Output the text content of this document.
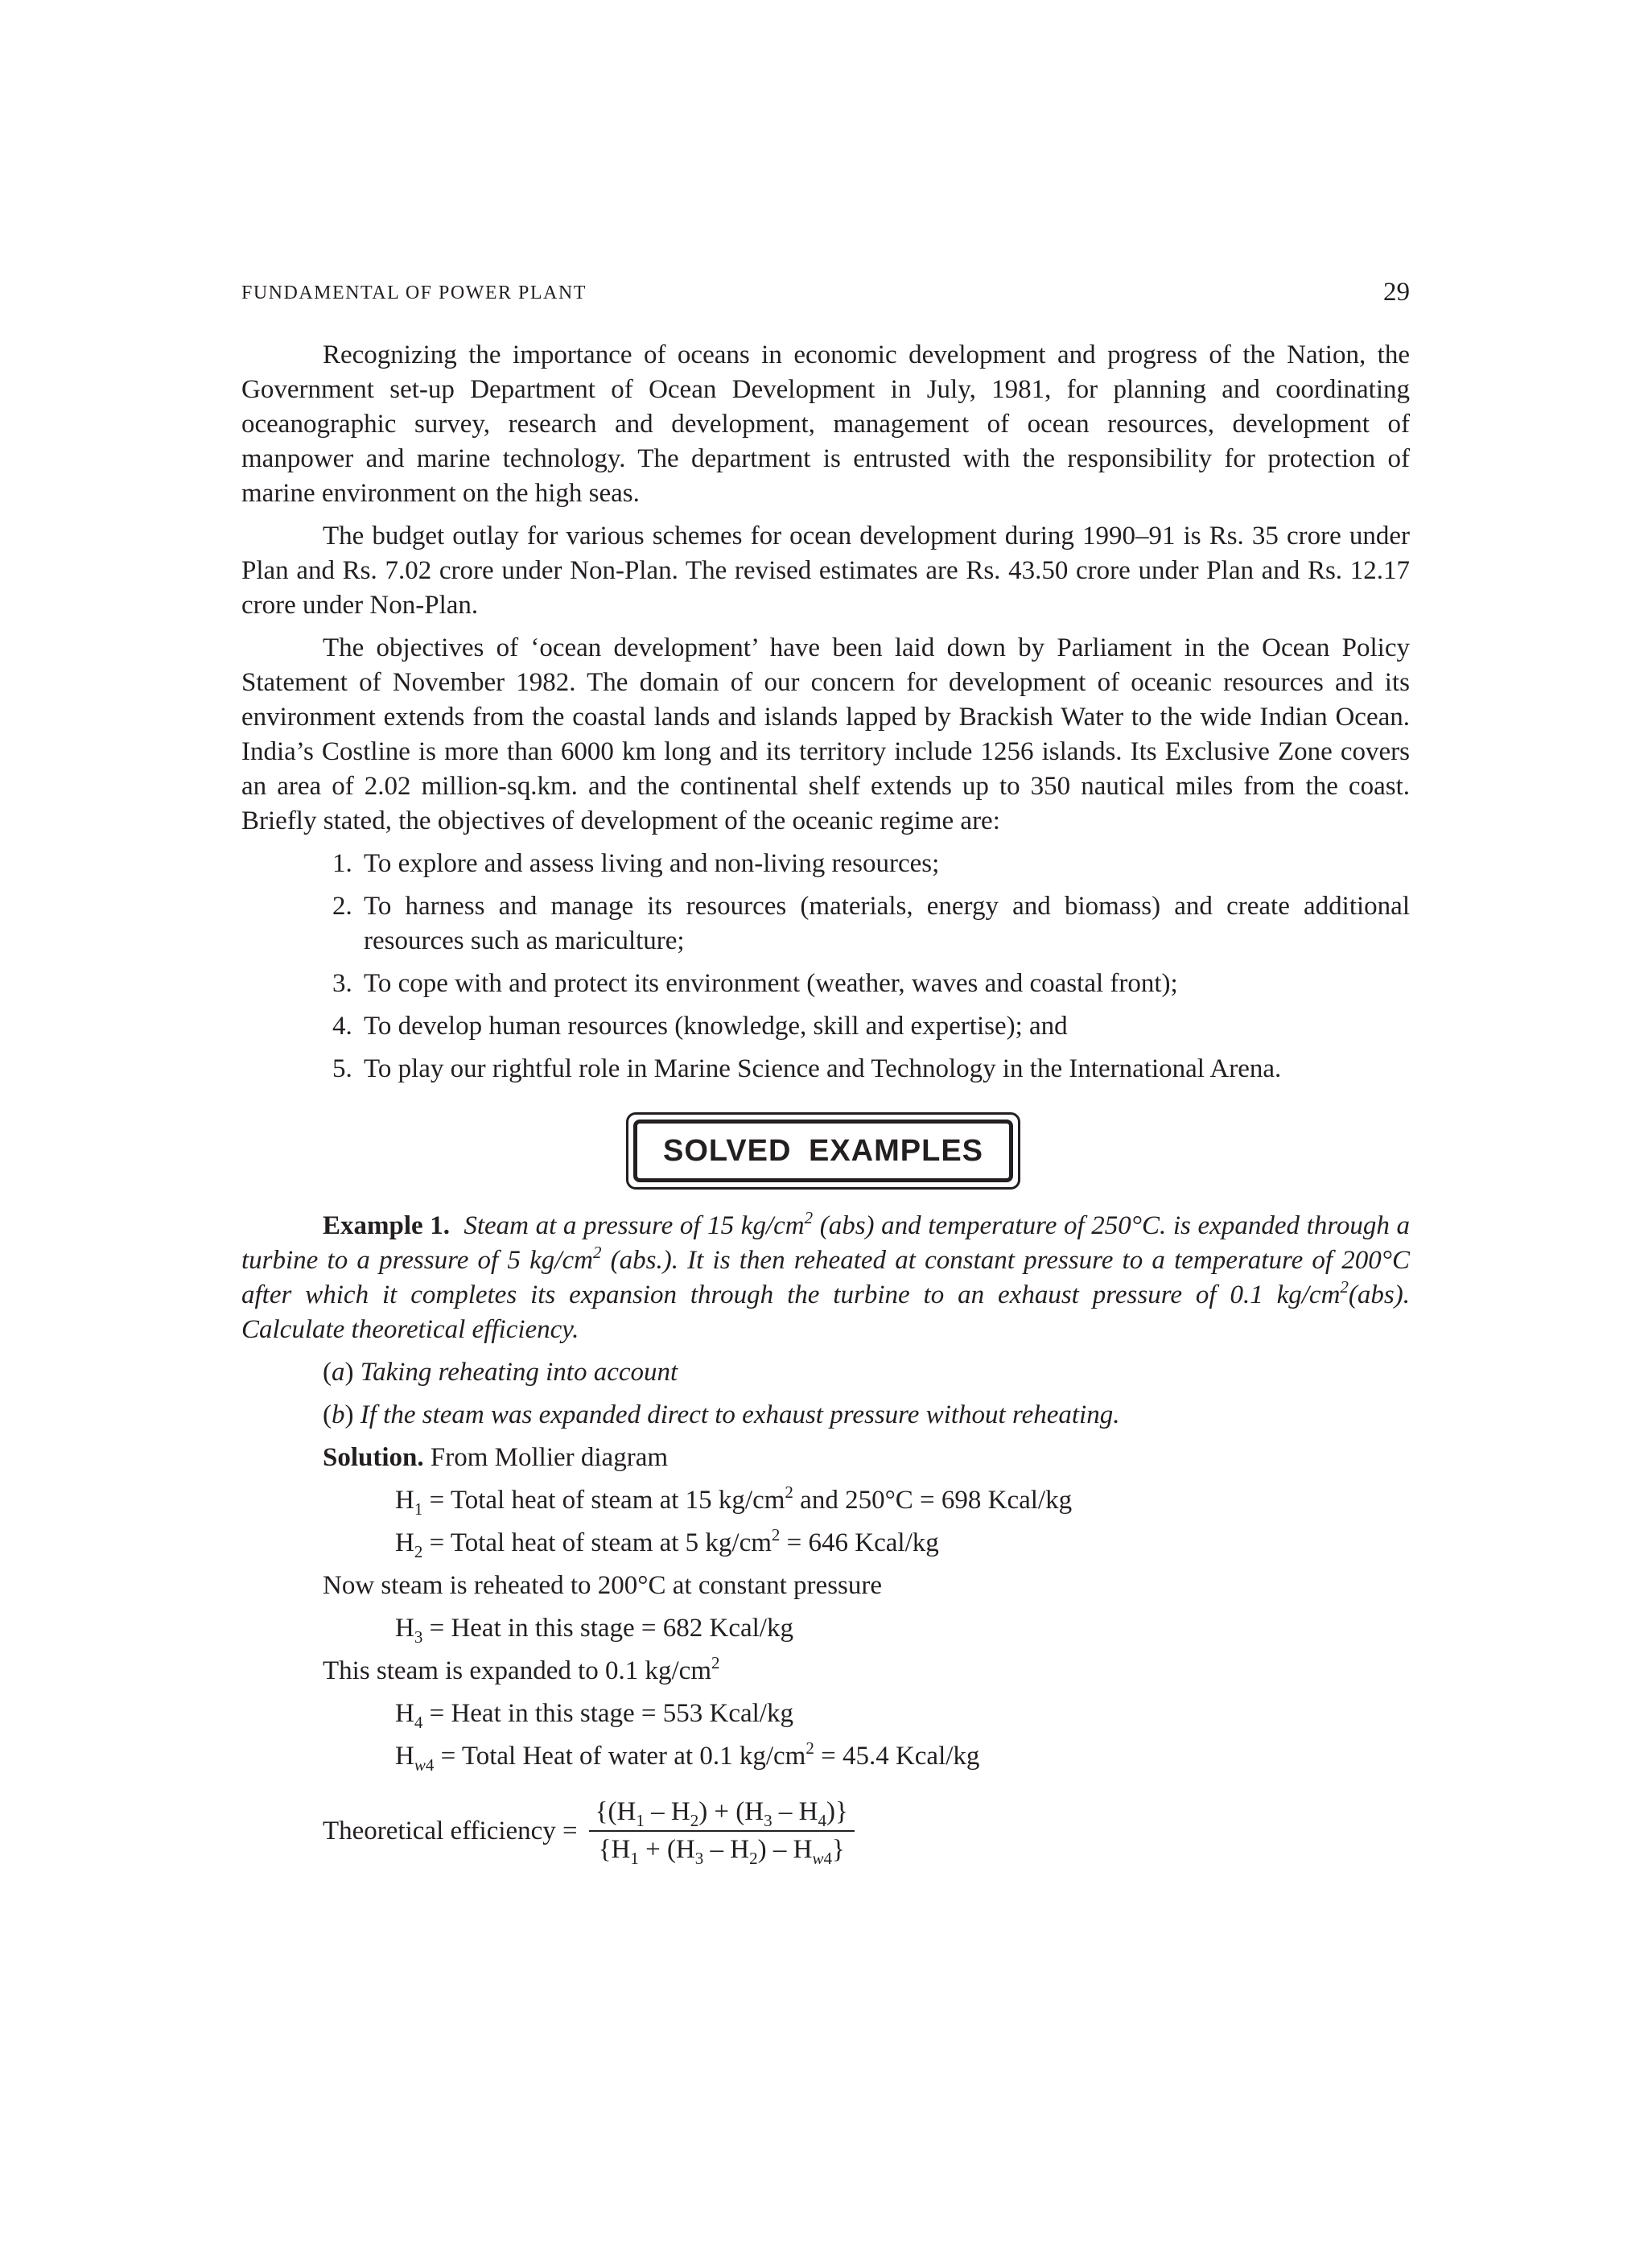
FUNDAMENTAL OF POWER PLANT	29

Recognizing the importance of oceans in economic development and progress of the Nation, the Government set-up Department of Ocean Development in July, 1981, for planning and coordinating oceanographic survey, research and development, management of ocean resources, development of manpower and marine technology. The department is entrusted with the responsibility for protection of marine environment on the high seas.

The budget outlay for various schemes for ocean development during 1990–91 is Rs. 35 crore under Plan and Rs. 7.02 crore under Non-Plan. The revised estimates are Rs. 43.50 crore under Plan and Rs. 12.17 crore under Non-Plan.

The objectives of ‘ocean development’ have been laid down by Parliament in the Ocean Policy Statement of November 1982. The domain of our concern for development of oceanic resources and its environment extends from the coastal lands and islands lapped by Brackish Water to the wide Indian Ocean. India’s Costline is more than 6000 km long and its territory include 1256 islands. Its Exclusive Zone covers an area of 2.02 million-sq.km. and the continental shelf extends up to 350 nautical miles from the coast. Briefly stated, the objectives of development of the oceanic regime are:

1. To explore and assess living and non-living resources;
2. To harness and manage its resources (materials, energy and biomass) and create additional resources such as mariculture;
3. To cope with and protect its environment (weather, waves and coastal front);
4. To develop human resources (knowledge, skill and expertise); and
5. To play our rightful role in Marine Science and Technology in the International Arena.
SOLVED EXAMPLES

Example 1. Steam at a pressure of 15 $kg/cm^2$ (abs) and temperature of 250°C. is expanded through a turbine to a pressure of 5 $kg/cm^2$ (abs.). It is then reheated at constant pressure to a temperature of 200°C after which it completes its expansion through the turbine to an exhaust pressure of 0.1 $kg/cm^2(abs)$. Calculate theoretical efficiency.

(a) Taking reheating into account

(b) If the steam was expanded direct to exhaust pressure without reheating.

Solution. From Mollier diagram

$H_1$ = Total heat of steam at 15 $kg/cm^2$ and 250°C = 698 Kcal/kg

$H_2$ = Total heat of steam at 5 $kg/cm^2 = 646$ Kcal/kg

Now steam is reheated to 200°C at constant pressure

$H_3$ = Heat in this stage = 682 Kcal/kg

This steam is expanded to 0.1 $kg/cm^2$

$H_4$ = Heat in this stage = 553 Kcal/kg

$H_{w4}$ = Total Heat of water at 0.1 $kg/cm^2 = 45.4$ Kcal/kg

Theoretical efficiency = $\frac{\{(H_1 - H_2) + (H_3 - H_4)\}}{\{H_1 + (H_3 - H_2) - H_{w4}\}}$
